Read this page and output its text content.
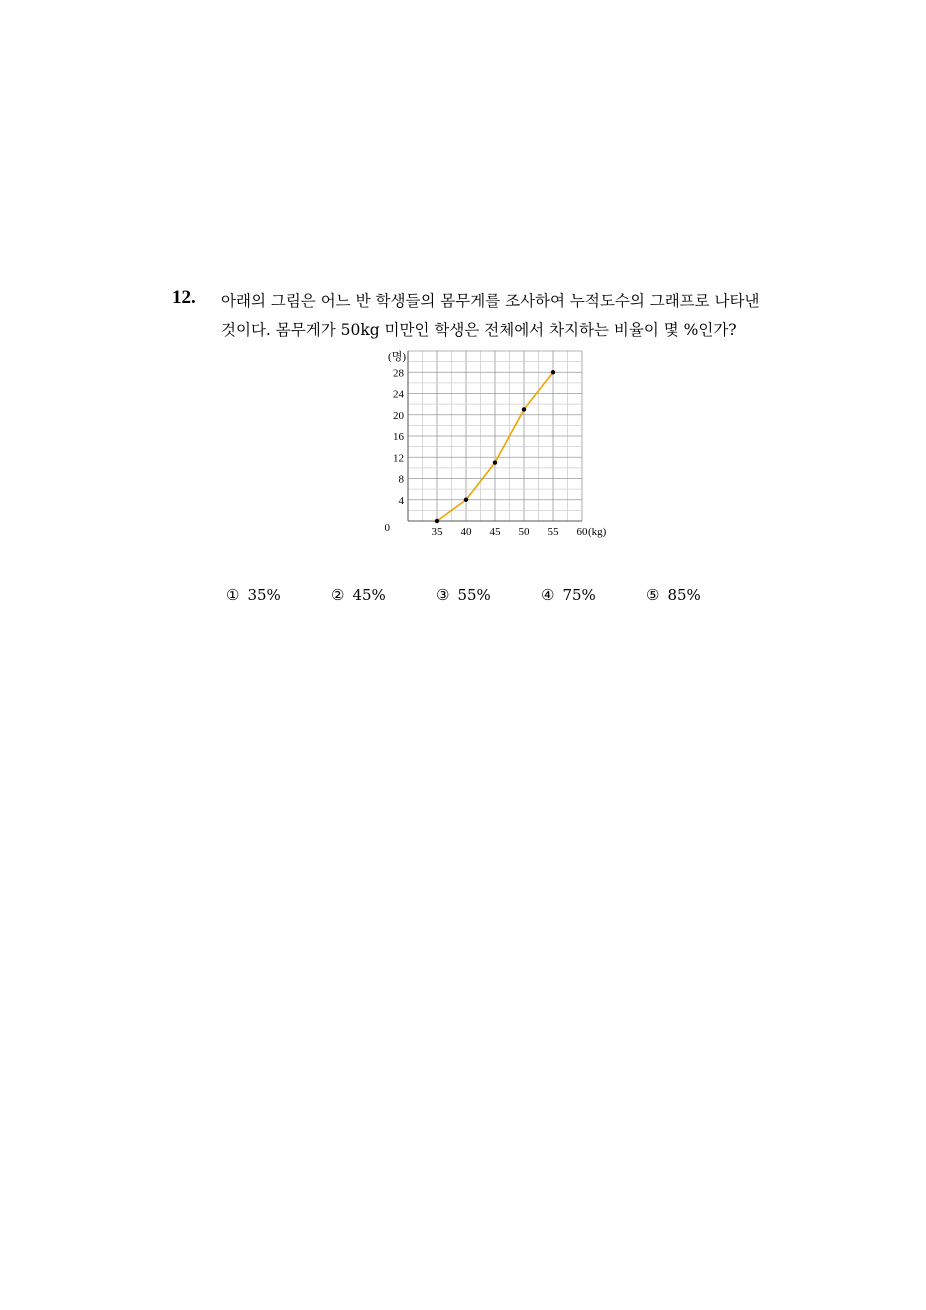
12. 아래의 그림은 어느 반 학생들의 몸무게를 조사하여 누적도수의 그래프로 나타낸
것이다. 몸무게가 50kg 미만인 학생은 전체에서 차지하는 비율이 몇 %인가?
35 40 45 50 55 60
4
8
12
16
20
24
28
0	(kg)
(명)
① 35%	② 45%	③ 55%	④ 75%	⑤ 85%
